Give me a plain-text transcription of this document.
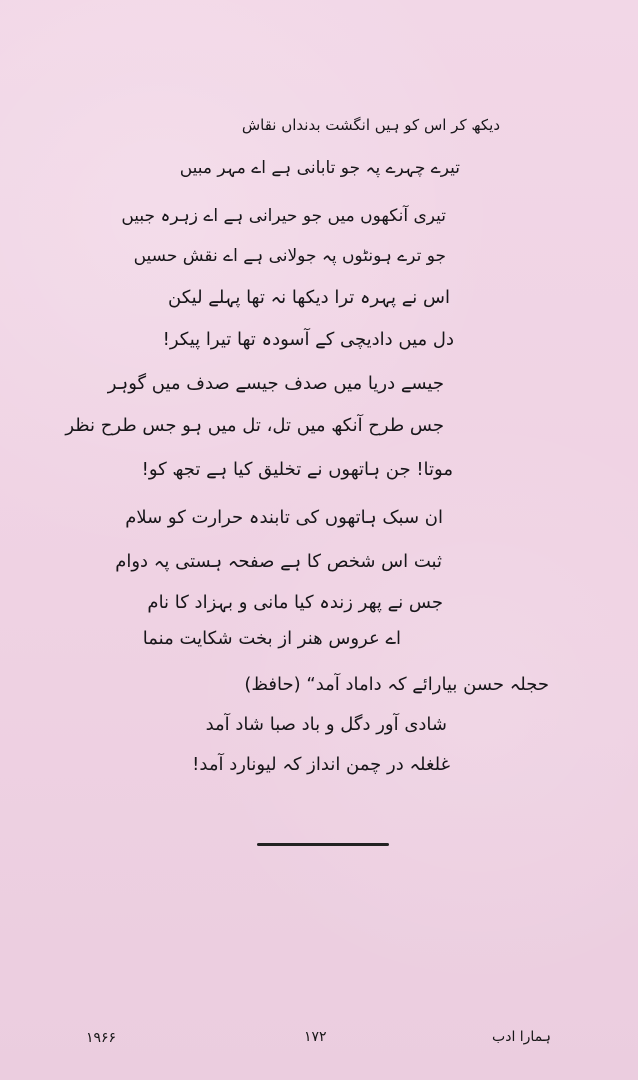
دیکھ کر اس کو ہیں انگشت بدنداں نقاش
تیرے چہرے پہ جو تابانی ہے اے مہر مبیں
تیری آنکھوں میں جو حیرانی ہے اے زہرہ جبیں
جو ترے ہونٹوں پہ جولانی ہے اے نقش حسیں
اس نے پہرہ ترا دیکھا نہ تھا پہلے لیکن
دل میں دادیچی کے آسودہ تھا تیرا پیکر!
جیسے دریا میں صدف جیسے صدف میں گوہر
جس طرح آنکھ میں تل، تل میں ہو جس طرح نظر
موتا! جن ہاتھوں نے تخلیق کیا ہے تجھ کو!
ان سبک ہاتھوں کی تابندہ حرارت کو سلام
ثبت اس شخص کا ہے صفحہ ہستی پہ دوام
جس نے پھر زندہ کیا مانی و بہزاد کا نام
اے عروس هنر از بخت شکایت منما
حجلہ حسن بیارائے کہ داماد آمد“ (حافظ)
شادی آور دگل و باد صبا شاد آمد
غلغلہ در چمن انداز کہ لیونارد آمد!
۱۹۶۶	۱۷۲	ہمارا ادب
